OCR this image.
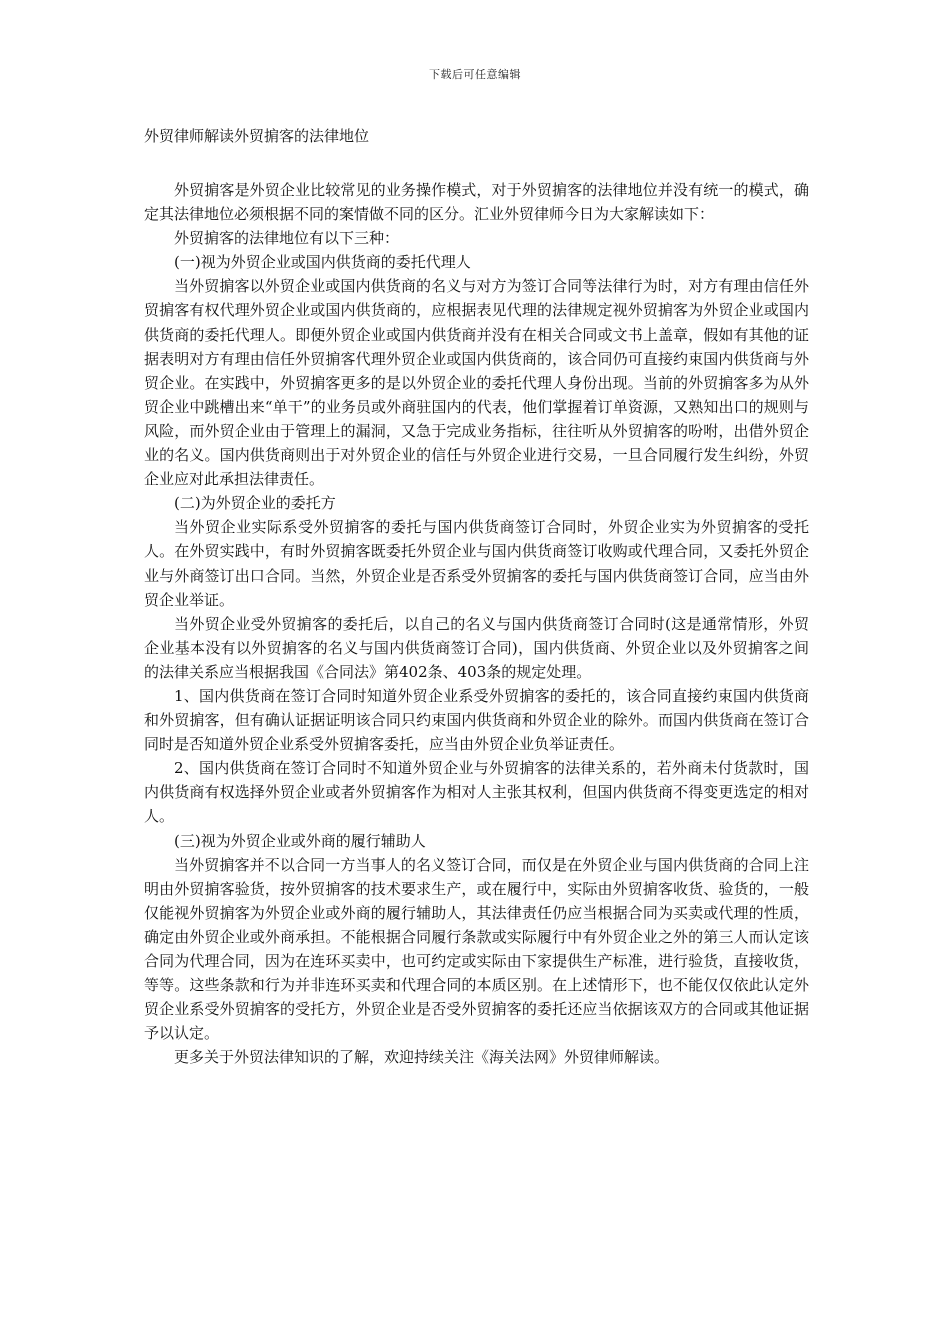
下载后可任意编辑
外贸律师解读外贸掮客的法律地位

外贸掮客是外贸企业比较常见的业务操作模式，对于外贸掮客的法律地位并没有统一的模式，确定其法律地位必须根据不同的案情做不同的区分。汇业外贸律师今日为大家解读如下：

外贸掮客的法律地位有以下三种：

(一)视为外贸企业或国内供货商的委托代理人

当外贸掮客以外贸企业或国内供货商的名义与对方为签订合同等法律行为时，对方有理由信任外贸掮客有权代理外贸企业或国内供货商的，应根据表见代理的法律规定视外贸掮客为外贸企业或国内供货商的委托代理人。即便外贸企业或国内供货商并没有在相关合同或文书上盖章，假如有其他的证据表明对方有理由信任外贸掮客代理外贸企业或国内供货商的，该合同仍可直接约束国内供货商与外贸企业。在实践中，外贸掮客更多的是以外贸企业的委托代理人身份出现。当前的外贸掮客多为从外贸企业中跳槽出来“单干”的业务员或外商驻国内的代表，他们掌握着订单资源，又熟知出口的规则与风险，而外贸企业由于管理上的漏洞，又急于完成业务指标，往往听从外贸掮客的吩咐，出借外贸企业的名义。国内供货商则出于对外贸企业的信任与外贸企业进行交易，一旦合同履行发生纠纷，外贸企业应对此承担法律责任。

(二)为外贸企业的委托方

当外贸企业实际系受外贸掮客的委托与国内供货商签订合同时，外贸企业实为外贸掮客的受托人。在外贸实践中，有时外贸掮客既委托外贸企业与国内供货商签订收购或代理合同，又委托外贸企业与外商签订出口合同。当然，外贸企业是否系受外贸掮客的委托与国内供货商签订合同，应当由外贸企业举证。

当外贸企业受外贸掮客的委托后，以自己的名义与国内供货商签订合同时(这是通常情形，外贸企业基本没有以外贸掮客的名义与国内供货商签订合同)，国内供货商、外贸企业以及外贸掮客之间的法律关系应当根据我国《合同法》第402条、403条的规定处理。

1、国内供货商在签订合同时知道外贸企业系受外贸掮客的委托的，该合同直接约束国内供货商和外贸掮客，但有确认证据证明该合同只约束国内供货商和外贸企业的除外。而国内供货商在签订合同时是否知道外贸企业系受外贸掮客委托，应当由外贸企业负举证责任。

2、国内供货商在签订合同时不知道外贸企业与外贸掮客的法律关系的，若外商未付货款时，国内供货商有权选择外贸企业或者外贸掮客作为相对人主张其权利，但国内供货商不得变更选定的相对人。

(三)视为外贸企业或外商的履行辅助人

当外贸掮客并不以合同一方当事人的名义签订合同，而仅是在外贸企业与国内供货商的合同上注明由外贸掮客验货，按外贸掮客的技术要求生产，或在履行中，实际由外贸掮客收货、验货的，一般仅能视外贸掮客为外贸企业或外商的履行辅助人，其法律责任仍应当根据合同为买卖或代理的性质，确定由外贸企业或外商承担。不能根据合同履行条款或实际履行中有外贸企业之外的第三人而认定该合同为代理合同，因为在连环买卖中，也可约定或实际由下家提供生产标准，进行验货，直接收货，等等。这些条款和行为并非连环买卖和代理合同的本质区别。在上述情形下，也不能仅仅依此认定外贸企业系受外贸掮客的受托方，外贸企业是否受外贸掮客的委托还应当依据该双方的合同或其他证据予以认定。

更多关于外贸法律知识的了解，欢迎持续关注《海关法网》外贸律师解读。
